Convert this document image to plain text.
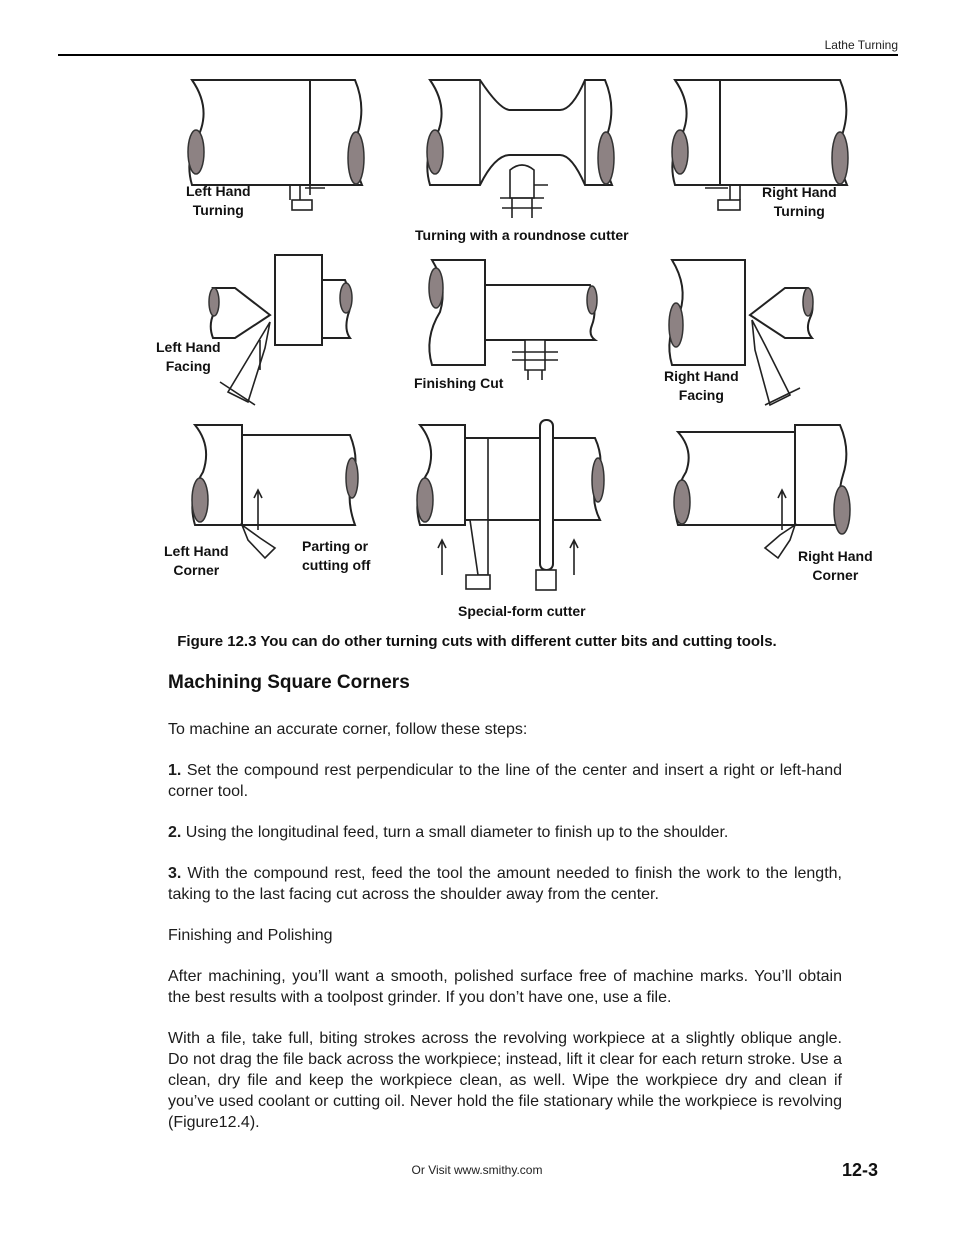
Lathe Turning
Left Hand
Turning
Turning with a roundnose cutter
Right Hand
Turning
Left Hand
Facing
Finishing Cut	Right Hand
Facing
Left Hand
Corner
Parting or
cutting off
Right Hand
Corner
Special-form cutter
Figure 12.3 You can do other turning cuts with different cutter bits and cutting tools.
Machining Square Corners
To machine an accurate corner, follow these steps:
1. Set the compound rest perpendicular to the line of the center and insert a right or left-hand corner tool.
2. Using the longitudinal feed, turn a small diameter to finish up to the shoulder.
3. With the compound rest, feed the tool the amount needed to finish the work to the length, taking to the last facing cut across the shoulder away from the center.
Finishing and Polishing
After machining, you’ll want a smooth, polished surface free of machine marks. You’ll obtain the best results with a toolpost grinder. If you don’t have one, use a file.
With a file, take full, biting strokes across the revolving workpiece at a slightly oblique angle. Do not drag the file back across the workpiece; instead, lift it clear for each return stroke. Use a clean, dry file and keep the workpiece clean, as well. Wipe the workpiece dry and clean if you’ve used coolant or cutting oil. Never hold the file stationary while the workpiece is revolving (Figure12.4).
Or Visit www.smithy.com	12-3
